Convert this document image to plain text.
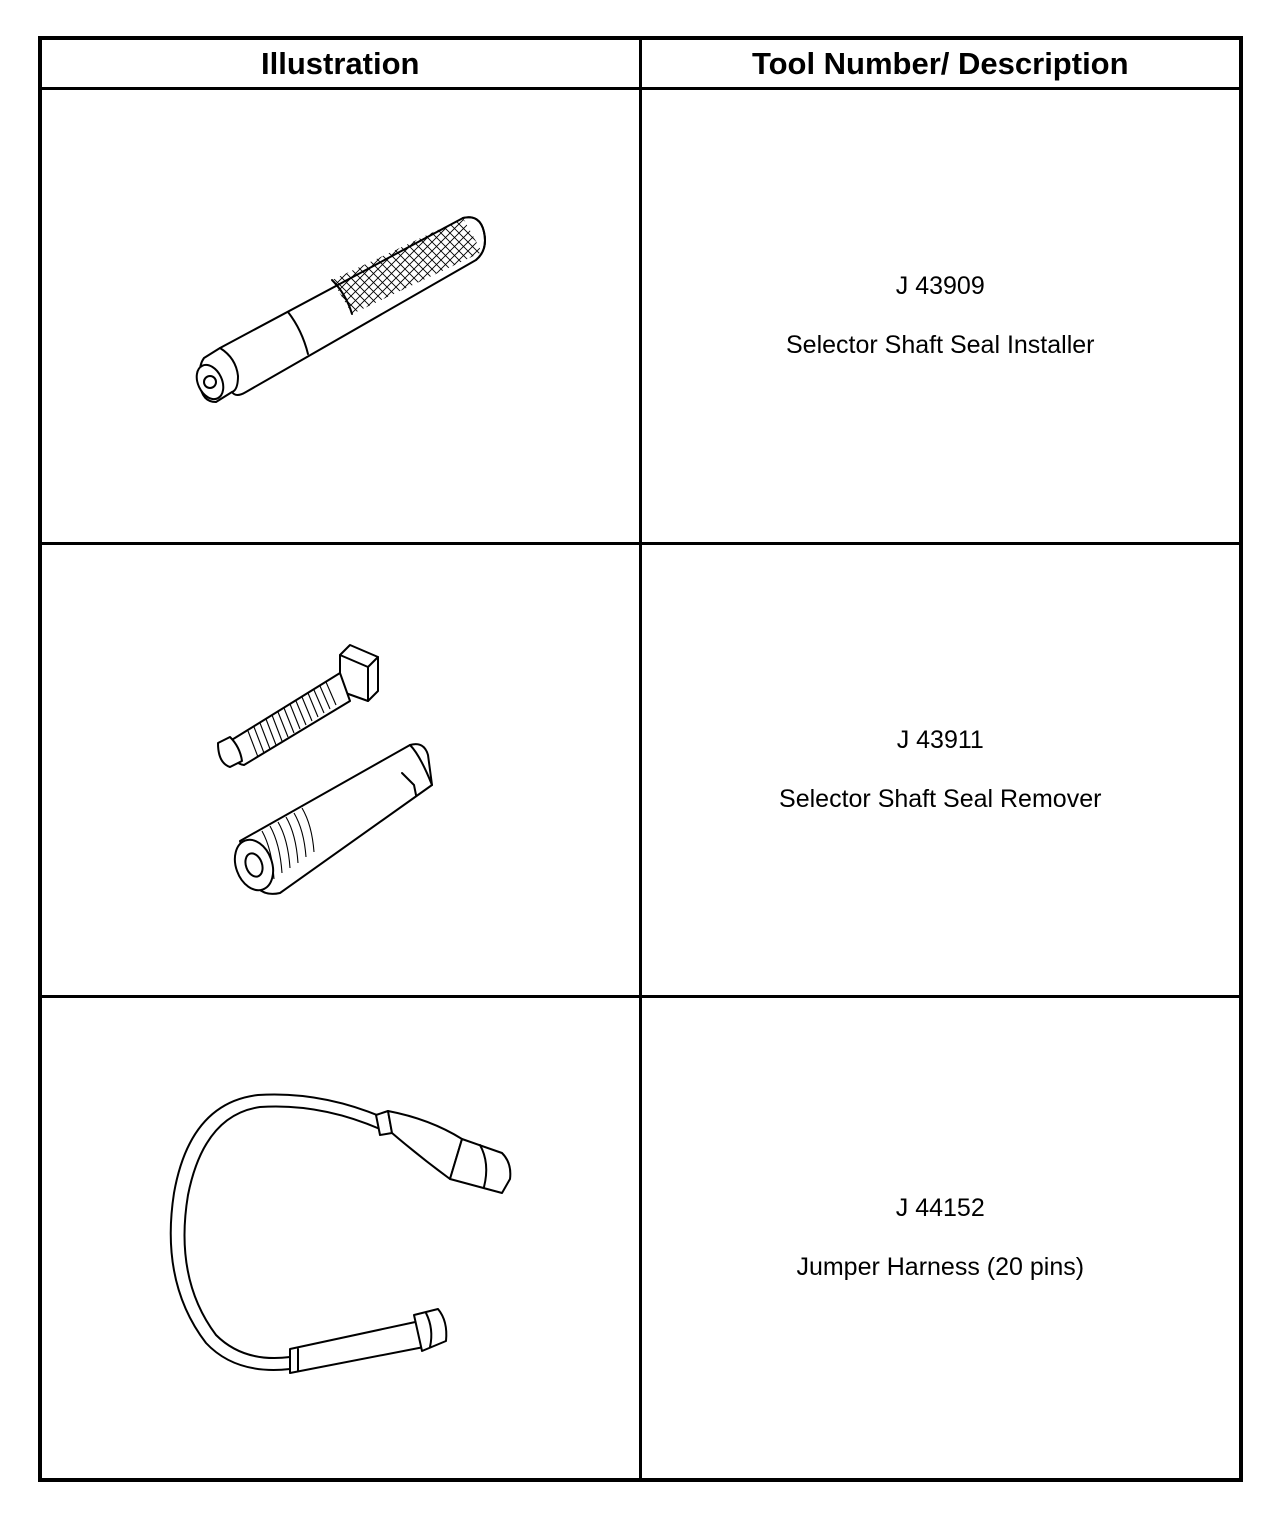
Illustration	Tool Number/ Description

J 43909
Selector Shaft Seal Installer

J 43911
Selector Shaft Seal Remover

J 44152
Jumper Harness (20 pins)
